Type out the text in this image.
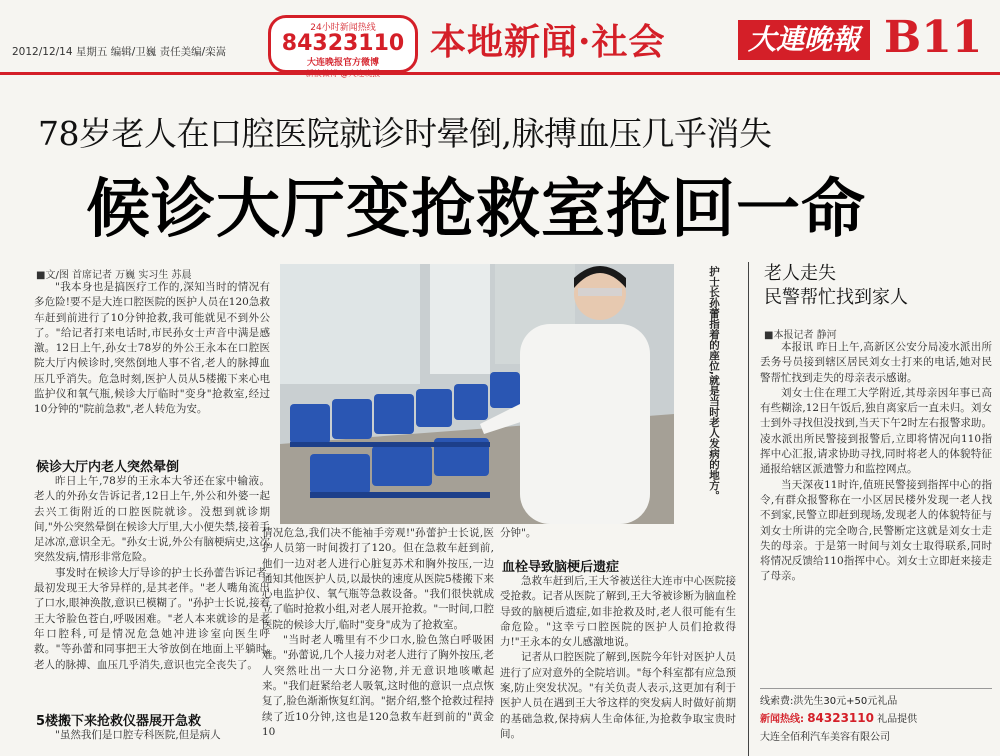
2012/12/14 星期五 编辑/卫巍 责任美编/栾嵩
24小时新闻热线
84323110
大连晚报官方微博	本地新闻·社会	大連晚報 B11
78岁老人在口腔医院就诊时晕倒,脉搏血压几乎消失
候诊大厅变抢救室抢回一命
■文/图 首席记者 万巍 实习生 苏晨

"我本身也是搞医疗工作的,深知当时的情况有多危险!要不是大连口腔医院的医护人员在120急救车赶到前进行了10分钟抢救,我可能就见不到外公了。"给记者打来电话时,市民孙女士声音中满是感激。12日上午,孙女士78岁的外公王永本在口腔医院大厅内候诊时,突然倒地人事不省,老人的脉搏血压几乎消失。危急时刻,医护人员从5楼搬下来心电监护仪和氧气瓶,候诊大厅临时"变身"抢救室,经过10分钟的"院前急救",老人转危为安。

候诊大厅内老人突然晕倒

昨日上午,78岁的王永本大爷还在家中输液。老人的外孙女告诉记者,12日上午,外公和外婆一起去兴工街附近的口腔医院就诊。没想到就诊期间,"外公突然晕倒在候诊大厅里,大小便失禁,接着手足冰凉,意识全无。"孙女士说,外公有脑梗病史,这次突然发病,情形非常危险。

事发时在候诊大厅导诊的护士长孙蕾告诉记者,最初发现王大爷异样的,是其老伴。"老人嘴角流出了口水,眼神涣散,意识已模糊了。"孙护士长说,接着王大爷脸色苍白,呼吸困难。"老人本来就诊的是老年口腔科,可是情况危急她冲进诊室向医生呼救。"等孙蕾和同事把王大爷放倒在地面上平躺时,老人的脉搏、血压几乎消失,意识也完全丧失了。

5楼搬下来抢救仪器展开急救

"虽然我们是口腔专科医院,但是病人

护士长孙蕾指着的座位,就是当时老人发病的地方。

情况危急,我们决不能袖手旁观!"孙蕾护士长说,医护人员第一时间拨打了120。但在急救车赶到前,他们一边对老人进行心脏复苏术和胸外按压,一边通知其他医护人员,以最快的速度从医院5楼搬下来心电监护仪、氧气瓶等急救设备。"我们很快就成立了临时抢救小组,对老人展开抢救。"一时间,口腔医院的候诊大厅,临时"变身"成为了抢救室。

"当时老人嘴里有不少口水,脸色煞白呼吸困难。"孙蕾说,几个人接力对老人进行了胸外按压,老人突然吐出一大口分泌物,并无意识地咳嗽起来。"我们赶紧给老人吸氧,这时他的意识一点点恢复了,脸色渐渐恢复红润。"据介绍,整个抢救过程持续了近10分钟,这也是120急救车赶到前的"黄金10

分钟"。

血栓导致脑梗后遗症

急救车赶到后,王大爷被送往大连市中心医院接受抢救。记者从医院了解到,王大爷被诊断为脑血栓导致的脑梗后遗症,如非抢救及时,老人很可能有生命危险。"这幸亏口腔医院的医护人员们抢救得力!"王永本的女儿感激地说。

记者从口腔医院了解到,医院今年针对医护人员进行了应对意外的全院培训。"每个科室都有应急预案,防止突发状况。"有关负责人表示,这更加有利于医护人员在遇到王大爷这样的突发病人时做好前期的基础急救,保持病人生命体征,为抢救争取宝贵时间。

老人走失
民警帮忙找到家人
■本报记者 静河

本报讯 昨日上午,高新区公安分局凌水派出所丢务号员接到辖区居民刘女士打来的电话,她对民警帮忙找到走失的母亲表示感谢。

刘女士住在理工大学附近,其母亲因年事已高有些糊涂,12日午饭后,独自离家后一直未归。刘女士到外寻找但没找到,当天下午2时左右报警求助。凌水派出所民警接到报警后,立即将情况向110指挥中心汇报,请求协助寻找,同时将老人的体貌特征通报给辖区派遣警力和监控网点。

当天深夜11时许,值班民警接到指挥中心的指令,有群众报警称在一小区居民楼外发现一老人找不到家,民警立即赶到现场,发现老人的体貌特征与刘女士所讲的完全吻合,民警断定这就是刘女士走失的母亲。于是第一时间与刘女士取得联系,同时将情况反馈给110指挥中心。刘女士立即赶来接走了母亲。

线索费:洪先生30元+50元礼品
新闻热线: 84323110 礼品提供
大连全佰利汽车美容有限公司
